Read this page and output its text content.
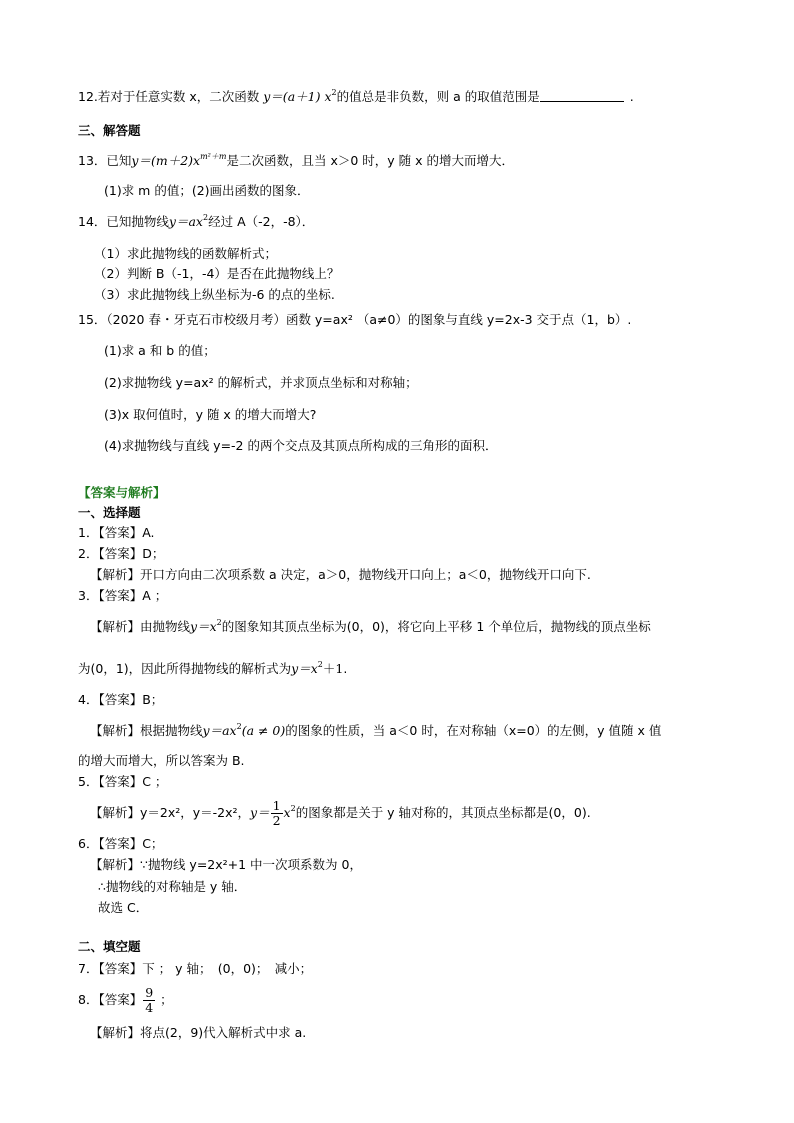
12.若对于任意实数 x，二次函数 y＝(a＋1) $x^2$的值总是非负数，则 a 的取值范围是	.
三、解答题
13．已知$y=(m+2)x^{m^2+m}$是二次函数，且当 x＞0 时，y 随 x 的增大而增大．
(1)求 m 的值；(2)画出函数的图象．
14．已知抛物线$y=ax^2$经过 A（-2，-8）．
（1）求此抛物线的函数解析式；
（2）判断 B（-1，-4）是否在此抛物线上？
（3）求此抛物线上纵坐标为-6 的点的坐标.
15．（2020 春・牙克石市校级月考）函数 y=ax² （a≠0）的图象与直线 y=2x-3 交于点（1，b）.
(1)求 a 和 b 的值；
(2)求抛物线 y=ax² 的解析式，并求顶点坐标和对称轴；
(3)x 取何值时，y 随 x 的增大而增大?
(4)求抛物线与直线 y=-2 的两个交点及其顶点所构成的三角形的面积．
【答案与解析】
一、选择题
1．【答案】A.
2．【答案】D；
【解析】开口方向由二次项系数 a 决定，a＞0，抛物线开口向上；a＜0，抛物线开口向下.
3．【答案】A ；
【解析】由抛物线$y=x^2$的图象知其顶点坐标为(0，0)，将它向上平移 1 个单位后，抛物线的顶点坐标
为(0，1)，因此所得抛物线的解析式为$y=x^2+1$.
4．【答案】B；
【解析】根据抛物线$y=ax^2(a \ne 0)$的图象的性质，当 a＜0 时，在对称轴（x=0）的左侧，y 值随 x 值
的增大而增大，所以答案为 B.
5．【答案】C ；
【解析】y＝2x²，y＝-2x²，$y= \frac{1}{2} x^2$的图象都是关于 y 轴对称的，其顶点坐标都是(0，0).
6．【答案】C；
【解析】∵抛物线 y=2x²+1 中一次项系数为 0，
∴抛物线的对称轴是 y 轴．
故选 C．
二、填空题
7．【答案】下 ； y 轴；　(0，0)；　减小；
8．【答案】 $\frac{9}{4}$ ；
【解析】将点(2，9)代入解析式中求 a.
